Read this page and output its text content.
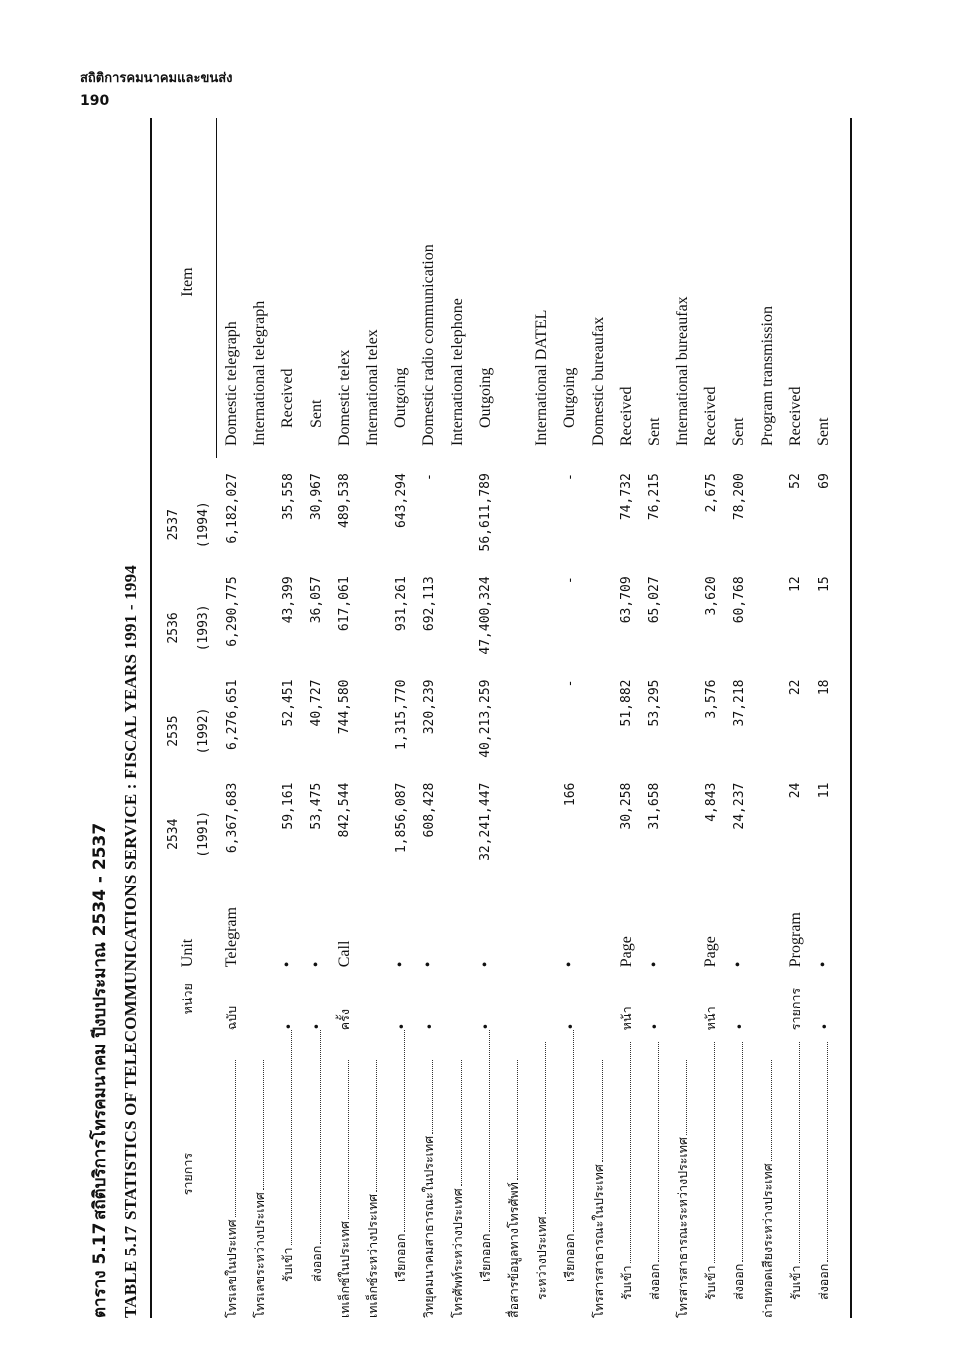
สถิติการคมนาคมและขนส่ง
190
ตาราง 5.17สถิติบริการโทรคมนาคม ปีงบประมาณ 2534 - 2537
TABLE 5.17STATISTICS OF TELECOMMUNICATIONS SERVICE : FISCAL YEARS 1991 - 1994	รายการ	หน่วย	Unit	2534	2535	2536	2537		Item
			(1991)	(1992)	(1993)	(1994)		

โทรเลขในประเทศ	ฉบับ	Telegram	6,367,683	6,276,651	6,290,775	6,182,027		Domestic telegraph

โทรเลขระหว่างประเทศ								International telegraph

รับเข้า	•	•	59,161	52,451	43,399	35,558		Received

ส่งออก	•	•	53,475	40,727	36,057	30,967		Sent

เทเล็กซ์ในประเทศ	ครั้ง	Call	842,544	744,580	617,061	489,538		Domestic telex

เทเล็กซ์ระหว่างประเทศ								International telex

เรียกออก	•	•	1,856,087	1,315,770	931,261	643,294		Outgoing

วิทยุคมนาคมสาธารณะในประเทศ	•	•	608,428	320,239	692,113	-		Domestic radio communication

โทรศัพท์ระหว่างประเทศ								International telephone

เรียกออก	•	•	32,241,447	40,213,259	47,400,324	56,611,789		Outgoing

สื่อสารข้อมูลทางโทรศัพท์								

ระหว่างประเทศ								International DATEL

เรียกออก	•	•	166	-	-	-		Outgoing

โทรสารสาธารณะในประเทศ								Domestic bureaufax

รับเข้า	หน้า	Page	30,258	51,882	63,709	74,732		Received

ส่งออก	•	•	31,658	53,295	65,027	76,215		Sent

โทรสารสาธารณะระหว่างประเทศ								International bureaufax

รับเข้า	หน้า	Page	4,843	3,576	3,620	2,675		Received

ส่งออก	•	•	24,237	37,218	60,768	78,200		Sent

ถ่ายทอดเสียงระหว่างประเทศ								Program transmission

รับเข้า	รายการ	Program	24	22	12	52		Received

ส่งออก	•	•	11	18	15	69		Sent
